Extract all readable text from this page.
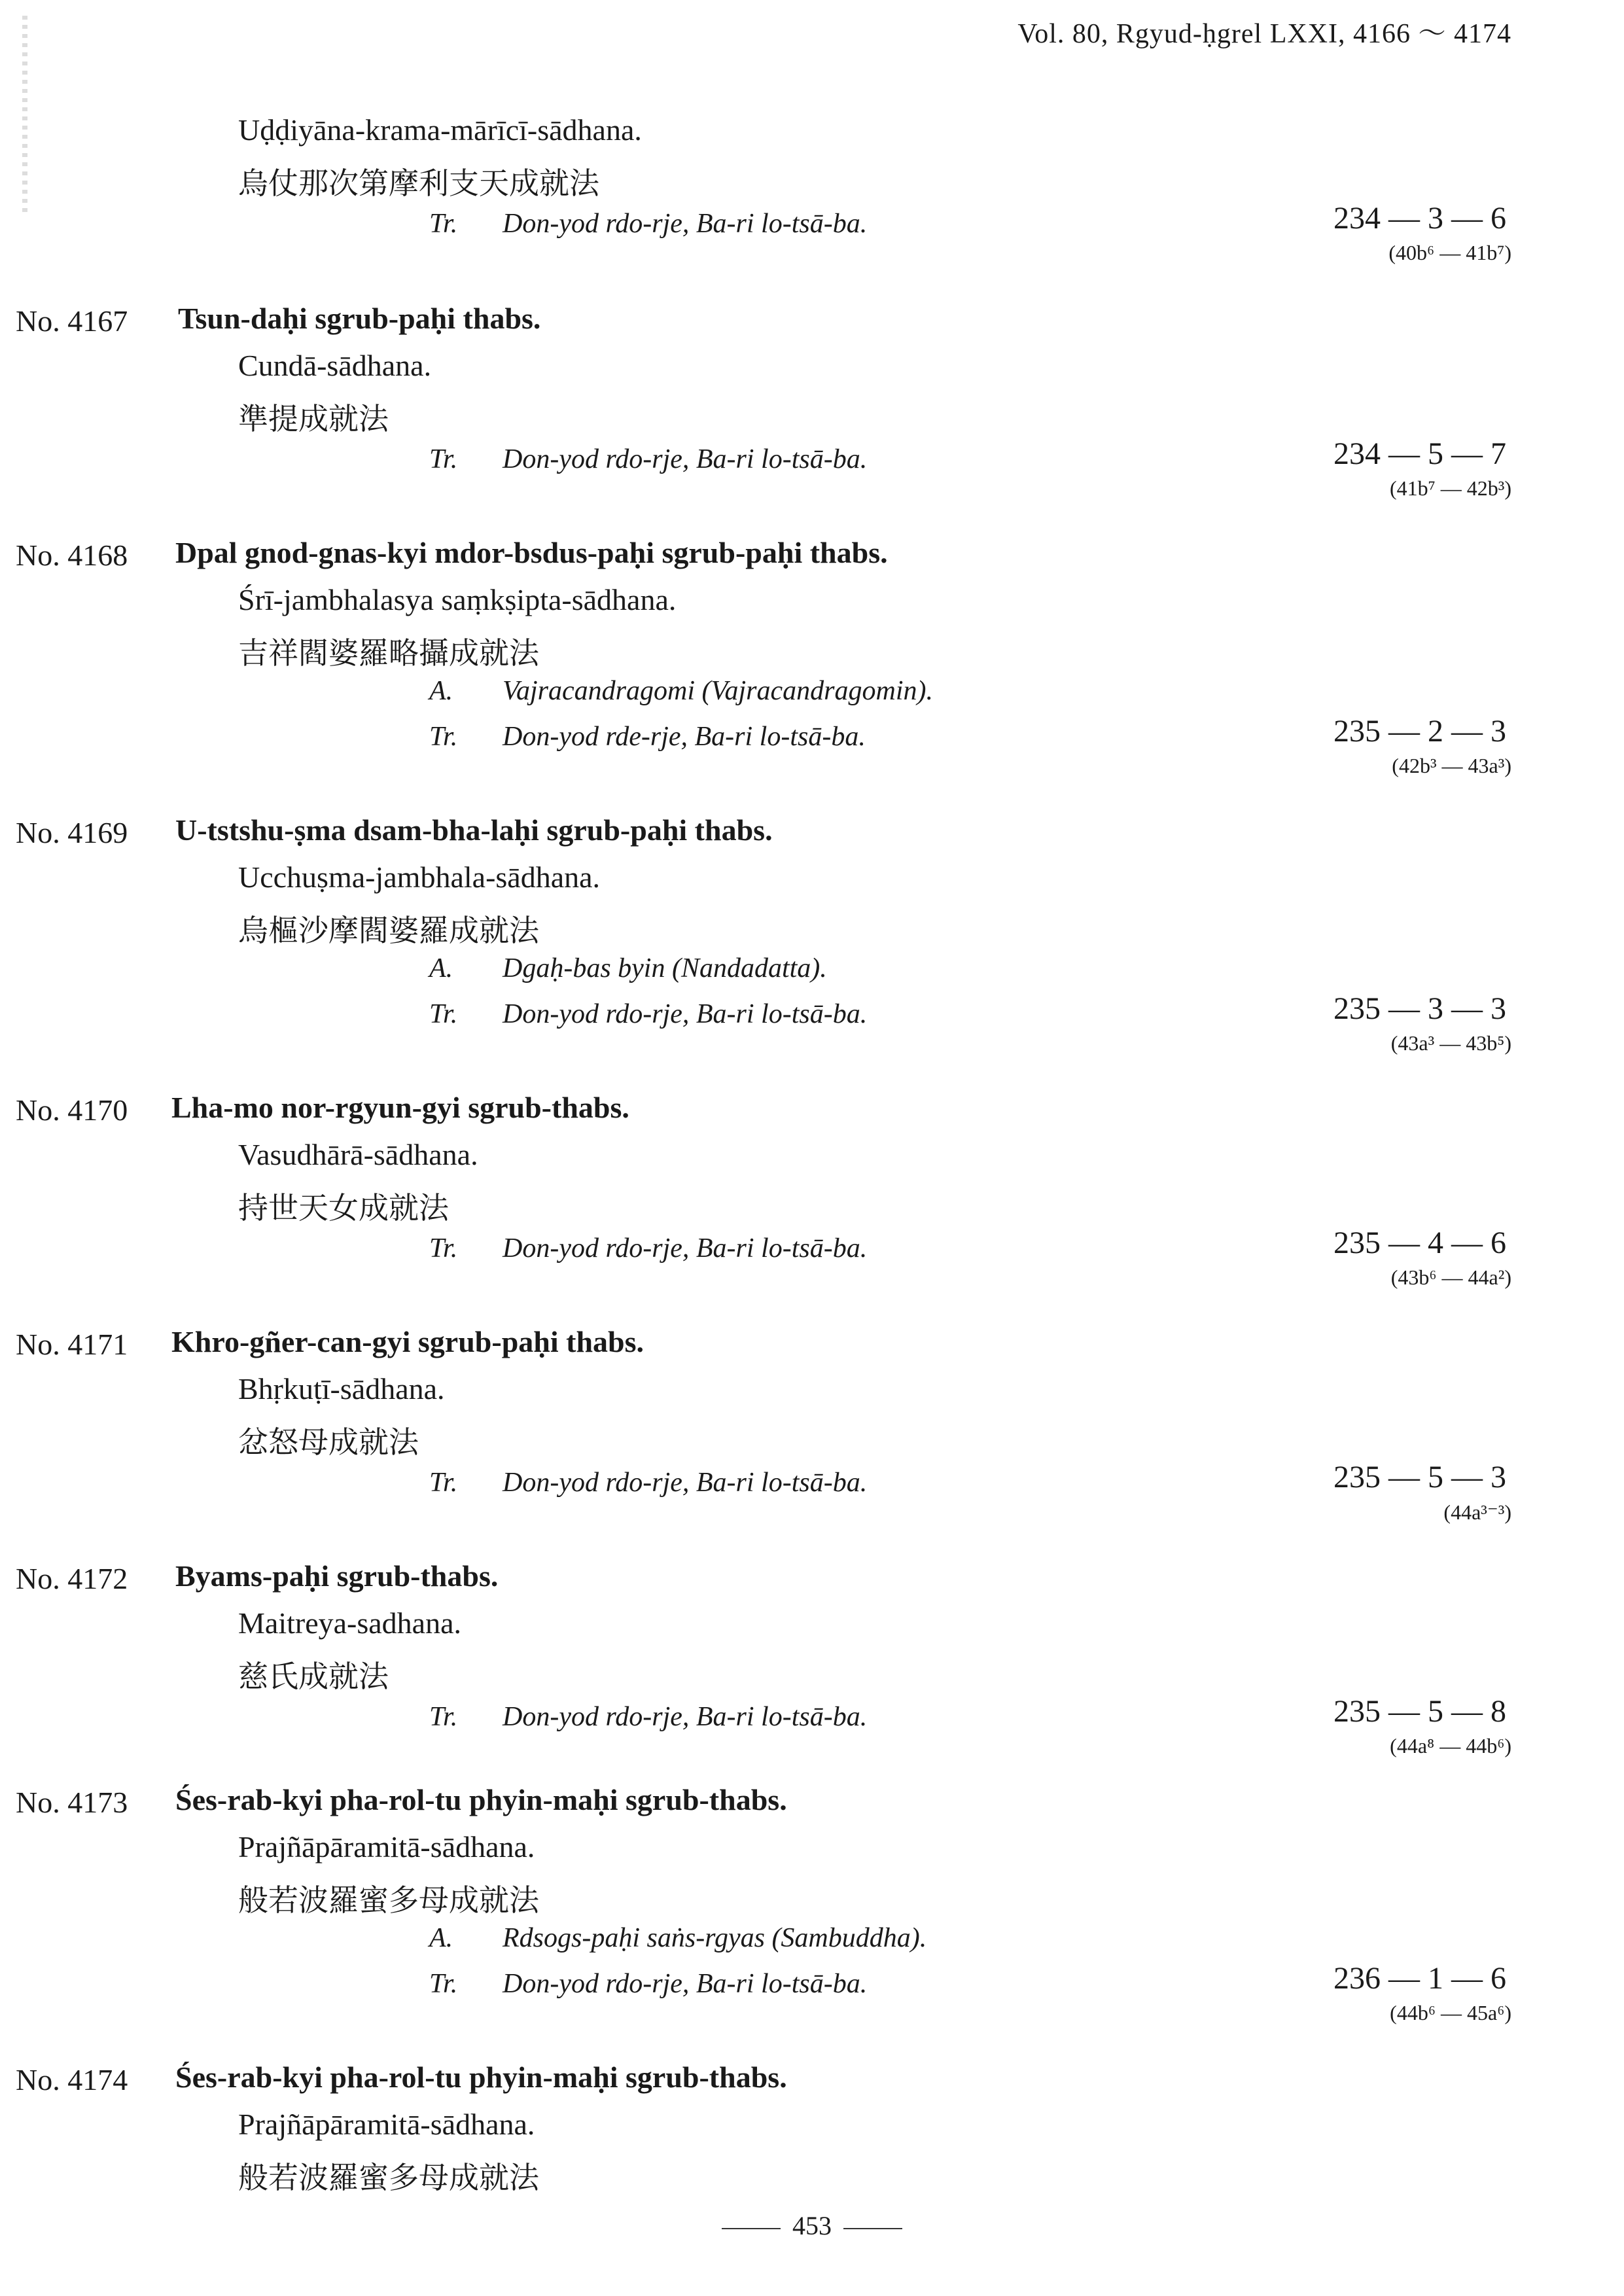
Vol. 80, Rgyud-ḥgrel LXXI, 4166 ～ 4174
Uḍḍiyāna-krama-mārīcī-sādhana.
烏仗那次第摩利支天成就法
Tr. Don-yod rdo-rje, Ba-ri lo-tsā-ba.	234 — 3 — 6
(40b⁶ — 41b⁷)
No. 4167 Tsun-daḥi sgrub-paḥi thabs.
Cundā-sādhana.
準提成就法
Tr. Don-yod rdo-rje, Ba-ri lo-tsā-ba.	234 — 5 — 7
(41b⁷ — 42b³)
No. 4168 Dpal gnod-gnas-kyi mdor-bsdus-paḥi sgrub-paḥi thabs.
Śrī-jambhalasya saṃkṣipta-sādhana.
吉祥閻婆羅略攝成就法
A. Vajracandragomi (Vajracandragomin).
Tr. Don-yod rde-rje, Ba-ri lo-tsā-ba.	235 — 2 — 3
(42b³ — 43a³)
No. 4169 U-tstshu-ṣma dsam-bha-laḥi sgrub-paḥi thabs.
Ucchuṣma-jambhala-sādhana.
烏樞沙摩閻婆羅成就法
A. Dgaḥ-bas byin (Nandadatta).
Tr. Don-yod rdo-rje, Ba-ri lo-tsā-ba.	235 — 3 — 3
(43a³ — 43b⁵)
No. 4170 Lha-mo nor-rgyun-gyi sgrub-thabs.
Vasudhārā-sādhana.
持世天女成就法
Tr. Don-yod rdo-rje, Ba-ri lo-tsā-ba.	235 — 4 — 6
(43b⁶ — 44a²)
No. 4171 Khro-gñer-can-gyi sgrub-paḥi thabs.
Bhṛkuṭī-sādhana.
忿怒母成就法
Tr. Don-yod rdo-rje, Ba-ri lo-tsā-ba.	235 — 5 — 3
(44a³⁻³)
No. 4172 Byams-paḥi sgrub-thabs.
Maitreya-sadhana.
慈氏成就法
Tr. Don-yod rdo-rje, Ba-ri lo-tsā-ba.	235 — 5 — 8
(44a⁸ — 44b⁶)
No. 4173 Śes-rab-kyi pha-rol-tu phyin-maḥi sgrub-thabs.
Prajñāpāramitā-sādhana.
般若波羅蜜多母成就法
A. Rdsogs-paḥi saṅs-rgyas (Sambuddha).
Tr. Don-yod rdo-rje, Ba-ri lo-tsā-ba.	236 — 1 — 6
(44b⁶ — 45a⁶)
No. 4174 Śes-rab-kyi pha-rol-tu phyin-maḥi sgrub-thabs.
Prajñāpāramitā-sādhana.
般若波羅蜜多母成就法
453
